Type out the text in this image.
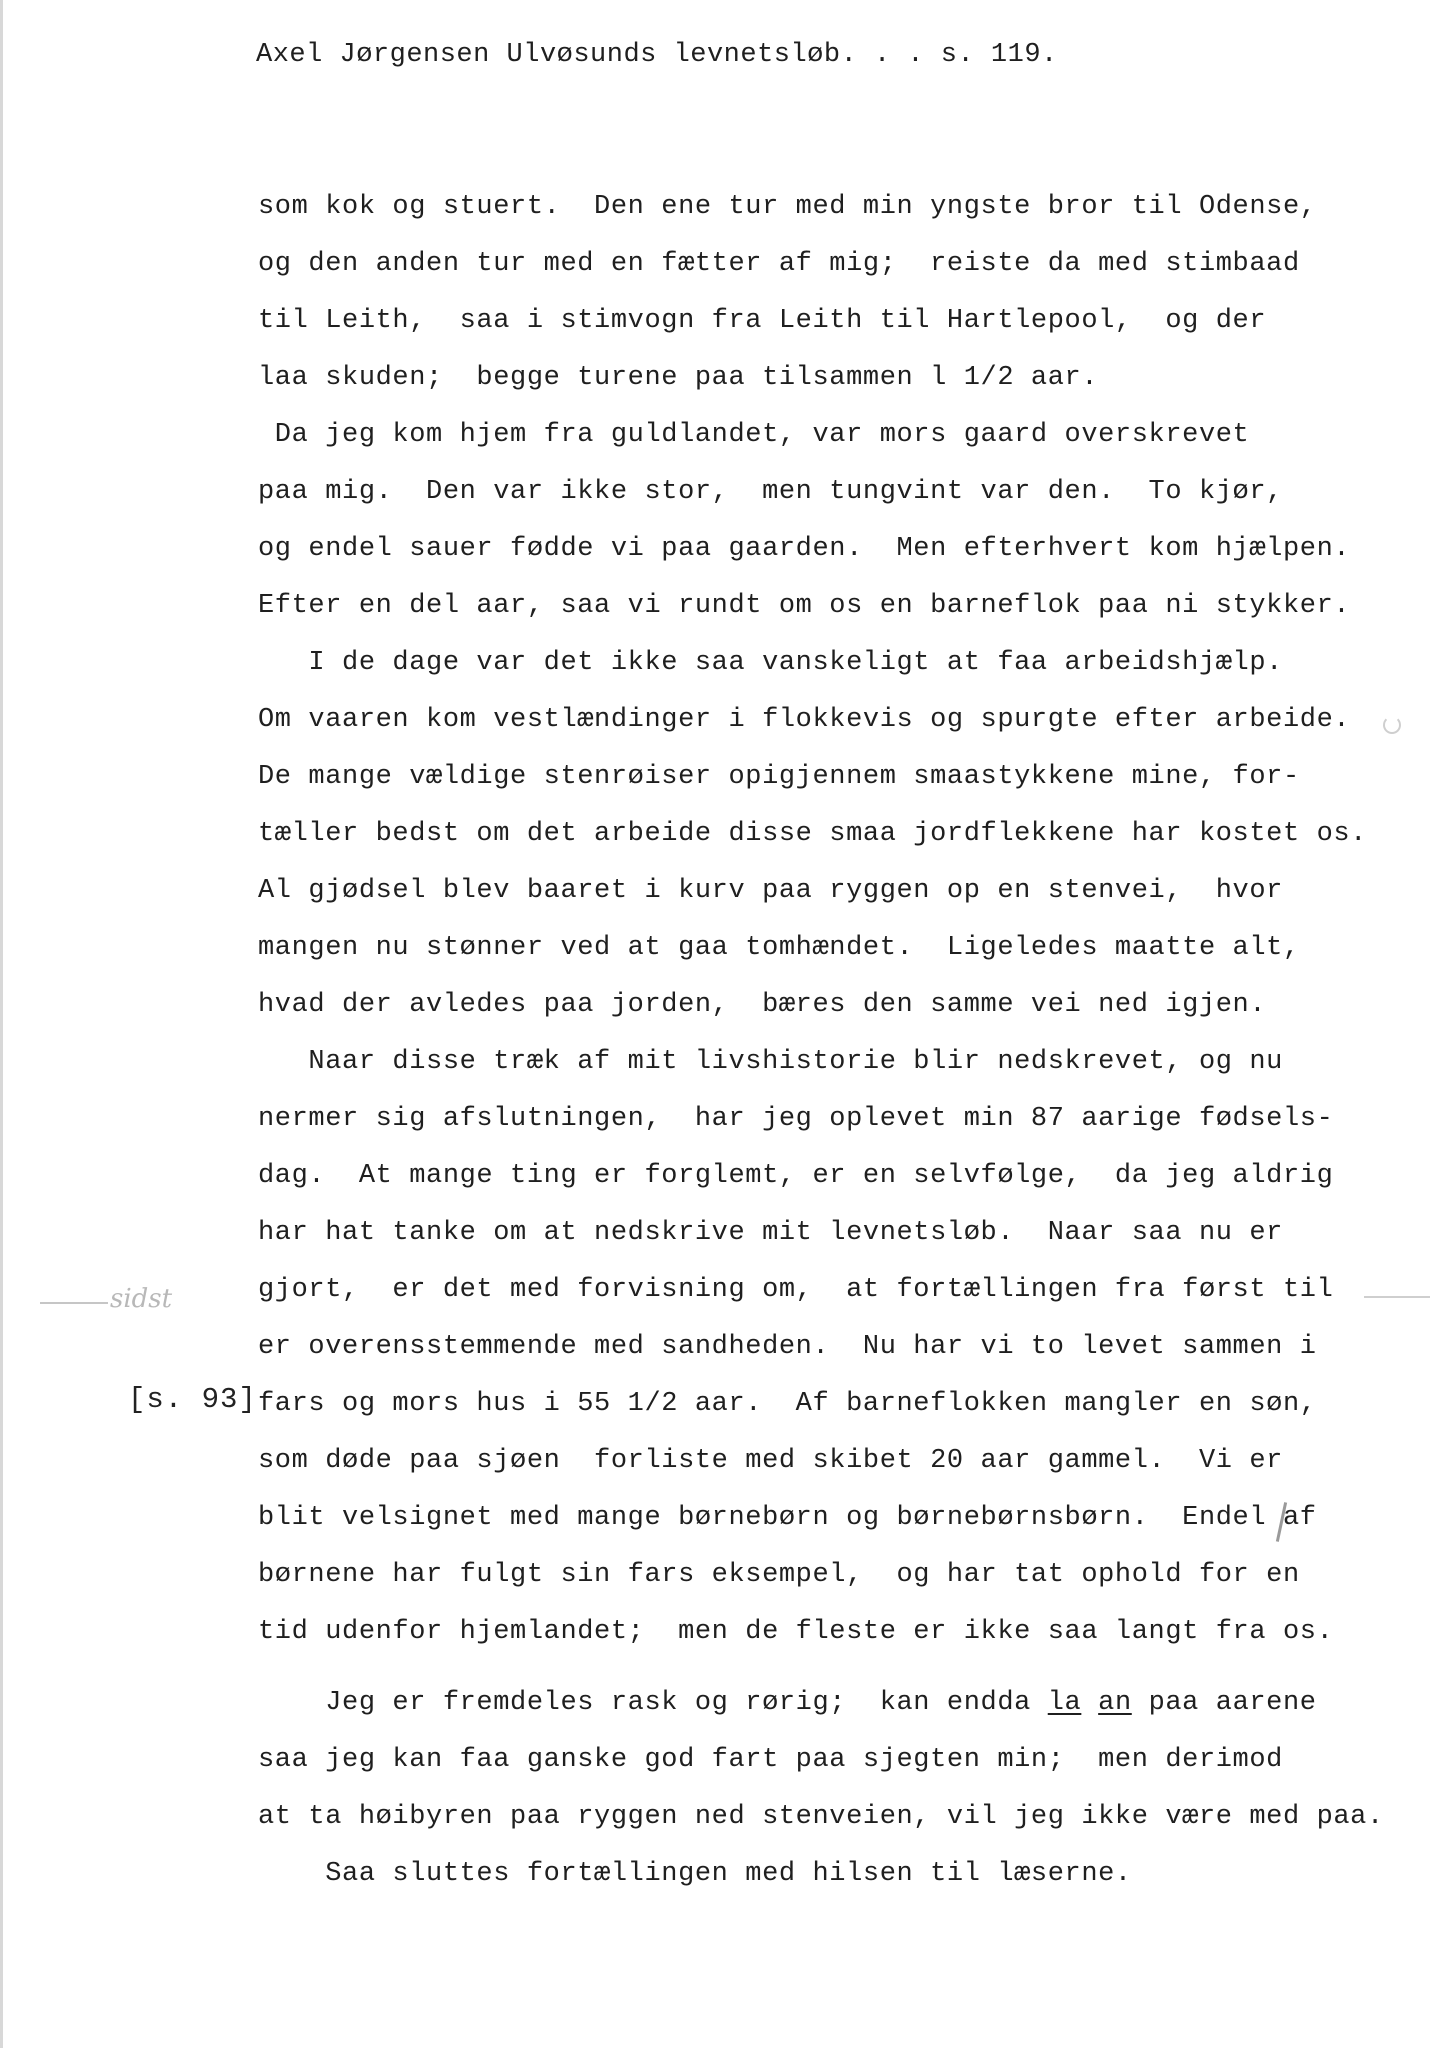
Axel Jørgensen Ulvøsunds levnetsløb. . . s. 119.
sidst
[s. 93]
som kok og stuert.  Den ene tur med min yngste bror til Odense,
og den anden tur med en fætter af mig;  reiste da med stimbaad
til Leith,  saa i stimvogn fra Leith til Hartlepool,  og der
laa skuden;  begge turene paa tilsammen l 1/2 aar.
Da jeg kom hjem fra guldlandet, var mors gaard overskrevet
paa mig.  Den var ikke stor,  men tungvint var den.  To kjør,
og endel sauer fødde vi paa gaarden.  Men efterhvert kom hjælpen.
Efter en del aar, saa vi rundt om os en barneflok paa ni stykker.
I de dage var det ikke saa vanskeligt at faa arbeidshjælp.
Om vaaren kom vestlændinger i flokkevis og spurgte efter arbeide.
De mange vældige stenrøiser opigjennem smaastykkene mine, for-
tæller bedst om det arbeide disse smaa jordflekkene har kostet os.
Al gjødsel blev baaret i kurv paa ryggen op en stenvei,  hvor
mangen nu stønner ved at gaa tomhændet.  Ligeledes maatte alt,
hvad der avledes paa jorden,  bæres den samme vei ned igjen.
Naar disse træk af mit livshistorie blir nedskrevet, og nu
nermer sig afslutningen,  har jeg oplevet min 87 aarige fødsels-
dag.  At mange ting er forglemt, er en selvfølge,  da jeg aldrig
har hat tanke om at nedskrive mit levnetsløb.  Naar saa nu er
gjort,  er det med forvisning om,  at fortællingen fra først til
er overensstemmende med sandheden.  Nu har vi to levet sammen i
fars og mors hus i 55 1/2 aar.  Af barneflokken mangler en søn,
som døde paa sjøen  forliste med skibet 20 aar gammel.  Vi er
blit velsignet med mange børnebørn og børnebørnsbørn.  Endel af
børnene har fulgt sin fars eksempel,  og har tat ophold for en
tid udenfor hjemlandet;  men de fleste er ikke saa langt fra os.
Jeg er fremdeles rask og rørig;  kan endda la an paa aarene
saa jeg kan faa ganske god fart paa sjegten min;  men derimod
at ta høibyren paa ryggen ned stenveien, vil jeg ikke være med paa.
Saa sluttes fortællingen med hilsen til læserne.
